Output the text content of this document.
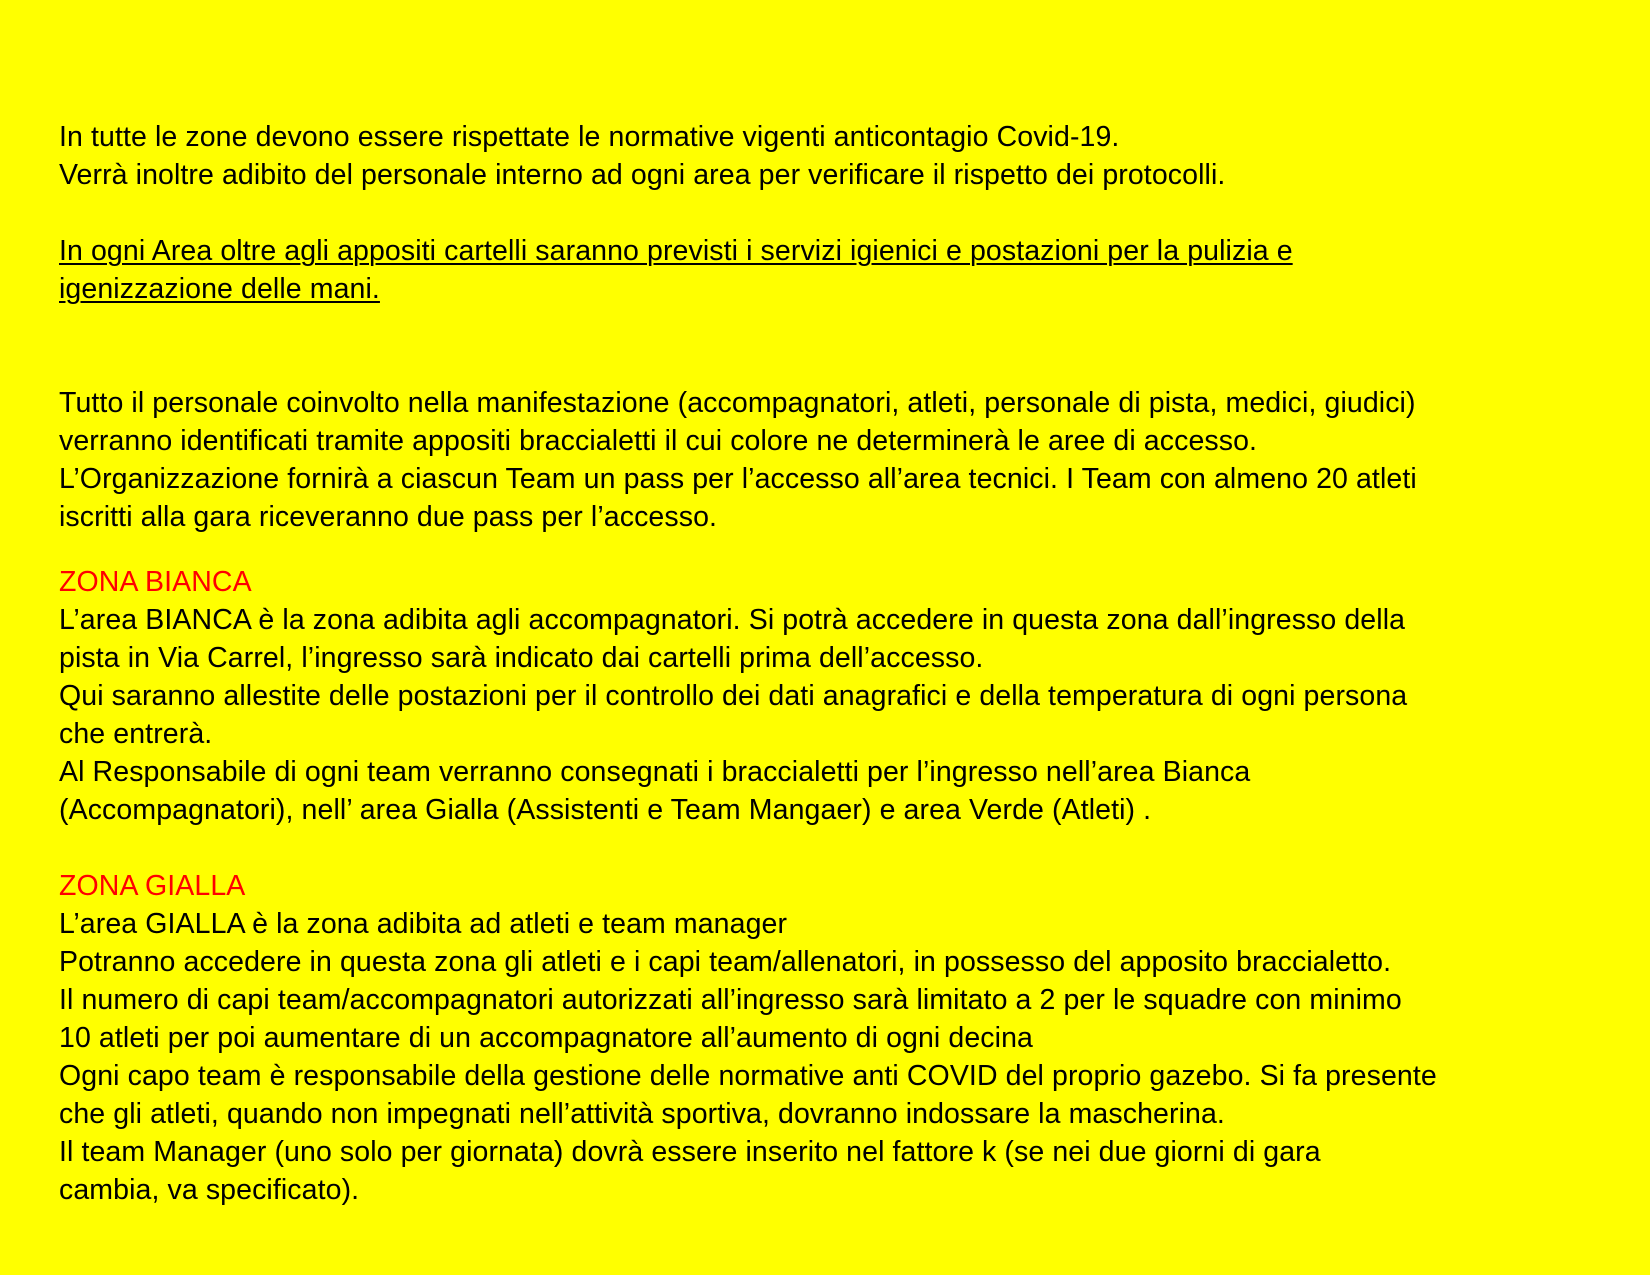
In tutte le zone devono essere rispettate le normative vigenti anticontagio Covid-19.
Verrà inoltre adibito del personale interno ad ogni area per verificare il rispetto dei protocolli.
In ogni Area oltre agli appositi cartelli saranno previsti i servizi igienici e postazioni per la pulizia e
igenizzazione delle mani.
Tutto il personale coinvolto nella manifestazione (accompagnatori, atleti, personale di pista, medici, giudici)
verranno identificati tramite appositi braccialetti il cui colore ne determinerà le aree di accesso.
L’Organizzazione fornirà a ciascun Team un pass per l’accesso all’area tecnici. I Team con almeno 20 atleti
iscritti alla gara riceveranno due pass per l’accesso.
ZONA BIANCA
L’area BIANCA è la zona adibita agli accompagnatori. Si potrà accedere in questa zona dall’ingresso della
pista in Via Carrel, l’ingresso sarà indicato dai cartelli prima dell’accesso.
Qui saranno allestite delle postazioni per il controllo dei dati anagrafici e della temperatura di ogni persona
che entrerà.
Al Responsabile di ogni team verranno consegnati i braccialetti per l’ingresso nell’area Bianca
(Accompagnatori), nell’ area Gialla (Assistenti e Team Mangaer) e area Verde (Atleti) .
ZONA GIALLA
L’area GIALLA è la zona adibita ad atleti e team manager
Potranno accedere in questa zona gli atleti e i capi team/allenatori, in possesso del apposito braccialetto.
Il numero di capi team/accompagnatori autorizzati all’ingresso sarà limitato a 2 per le squadre con minimo
10 atleti per poi aumentare di un accompagnatore all’aumento di ogni decina
Ogni capo team è responsabile della gestione delle normative anti COVID del proprio gazebo. Si fa presente
che gli atleti, quando non impegnati nell’attività sportiva, dovranno indossare la mascherina.
Il team Manager (uno solo per giornata) dovrà essere inserito nel fattore k (se nei due giorni di gara
cambia, va specificato).
